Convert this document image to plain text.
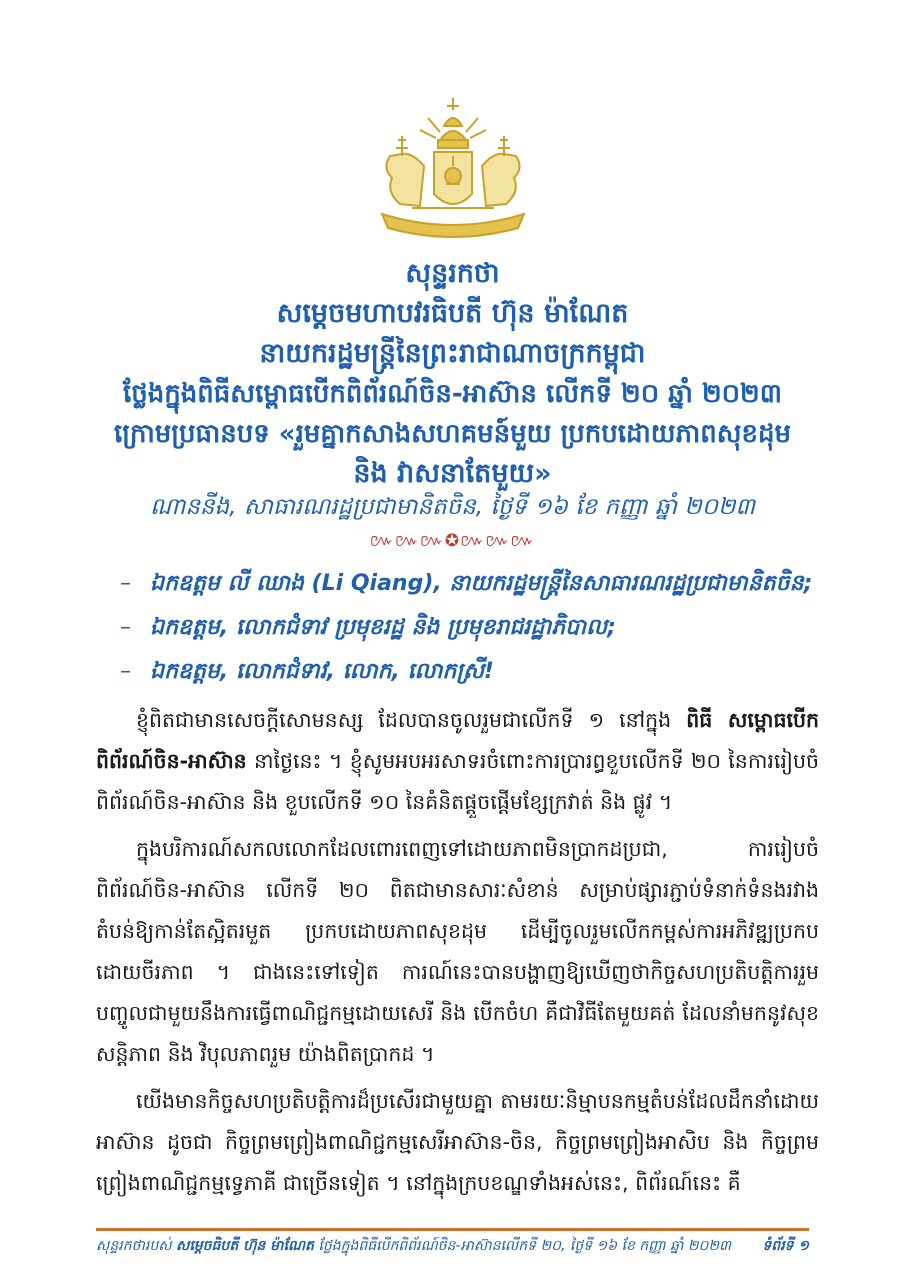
សុន្ទរកថា

សម្តេចមហាបវរធិបតី ហ៊ុន ម៉ាណែត

នាយករដ្ឋមន្ត្រីនៃព្រះរាជាណាចក្រកម្ពុជា

ថ្លែងក្នុងពិធីសម្ពោធបើកពិព័រណ៍ចិន-អាស៊ាន លើកទី ២០ ឆ្នាំ ២០២៣

ក្រោមប្រធានបទ «រួមគ្នាកសាងសហគមន៍មួយ ប្រកបដោយភាពសុខដុម

និង វាសនាតែមួយ»

ណាននីង, សាធារណរដ្ឋប្រជាមានិតចិន, ថ្ងៃទី ១៦ ខែ កញ្ញា ឆ្នាំ ២០២៣
៚៚៚✪៚៚៚
– ឯកឧត្តម លី ឈាង (Li Qiang), នាយករដ្ឋមន្ត្រីនៃសាធារណរដ្ឋប្រជាមានិតចិន;
– ឯកឧត្តម, លោកជំទាវ ប្រមុខរដ្ឋ និង ប្រមុខរាជរដ្ឋាភិបាល;
– ឯកឧត្តម, លោកជំទាវ, លោក, លោកស្រី!

ខ្ញុំពិតជាមានសេចក្តីសោមនស្ស ដែលបានចូលរួមជាលើកទី ១ នៅក្នុង ពិធី សម្ពោធបើកពិព័រណ៍ចិន-អាស៊ាន នាថ្ងៃនេះ ។ ខ្ញុំសូមអបអរសាទរចំពោះការប្រារព្ធខួបលើកទី ២០ នៃការរៀបចំពិព័រណ៍ចិន-អាស៊ាន និង ខួបលើកទី ១០ នៃគំនិតផ្តួចផ្តើមខ្សែក្រវាត់ និង ផ្លូវ ។

ក្នុងបរិការណ៍សកលលោកដែលពោរពេញទៅដោយភាពមិនប្រាកដប្រជា, ការរៀបចំពិព័រណ៍ចិន-អាស៊ាន លើកទី ២០ ពិតជាមានសារៈសំខាន់ សម្រាប់ផ្សារភ្ជាប់ទំនាក់ទំនងរវាងតំបន់ឱ្យកាន់តែស្អិតរមួត ប្រកបដោយភាពសុខដុម ដើម្បីចូលរួមលើកកម្ពស់ការអភិវឌ្ឍប្រកបដោយចីរភាព ។ ជាងនេះទៅទៀត ការណ៍នេះបានបង្ហាញឱ្យឃើញថាកិច្ចសហប្រតិបត្តិការរួមបញ្ចូលជាមួយនឹងការធ្វើពាណិជ្ជកម្មដោយសេរី និង បើកចំហ គឺជាវិធីតែមួយគត់ ដែលនាំមកនូវសុខសន្តិភាព និង វិបុលភាពរួម យ៉ាងពិតប្រាកដ ។

យើងមានកិច្ចសហប្រតិបត្តិការដ៏ប្រសើរជាមួយគ្នា តាមរយៈនិម្មាបនកម្មតំបន់ដែលដឹកនាំដោយអាស៊ាន ដូចជា កិច្ចព្រមព្រៀងពាណិជ្ជកម្មសេរីអាស៊ាន-ចិន, កិច្ចព្រមព្រៀងអាសិប និង កិច្ចព្រមព្រៀងពាណិជ្ជកម្មទ្វេភាគី ជាច្រើនទៀត ។ នៅក្នុងក្របខណ្ឌទាំងអស់នេះ, ពិព័រណ៍នេះ គឺ

សុន្ទរកថារបស់ សម្តេចធិបតី ហ៊ុន ម៉ាណែត ថ្លែងក្នុងពិធីបើកពិព័រណ៍ចិន-អាស៊ានលើកទី ២០, ថ្ងៃទី ១៦ ខែ កញ្ញា ឆ្នាំ ២០២៣ ទំព័រទី ១
